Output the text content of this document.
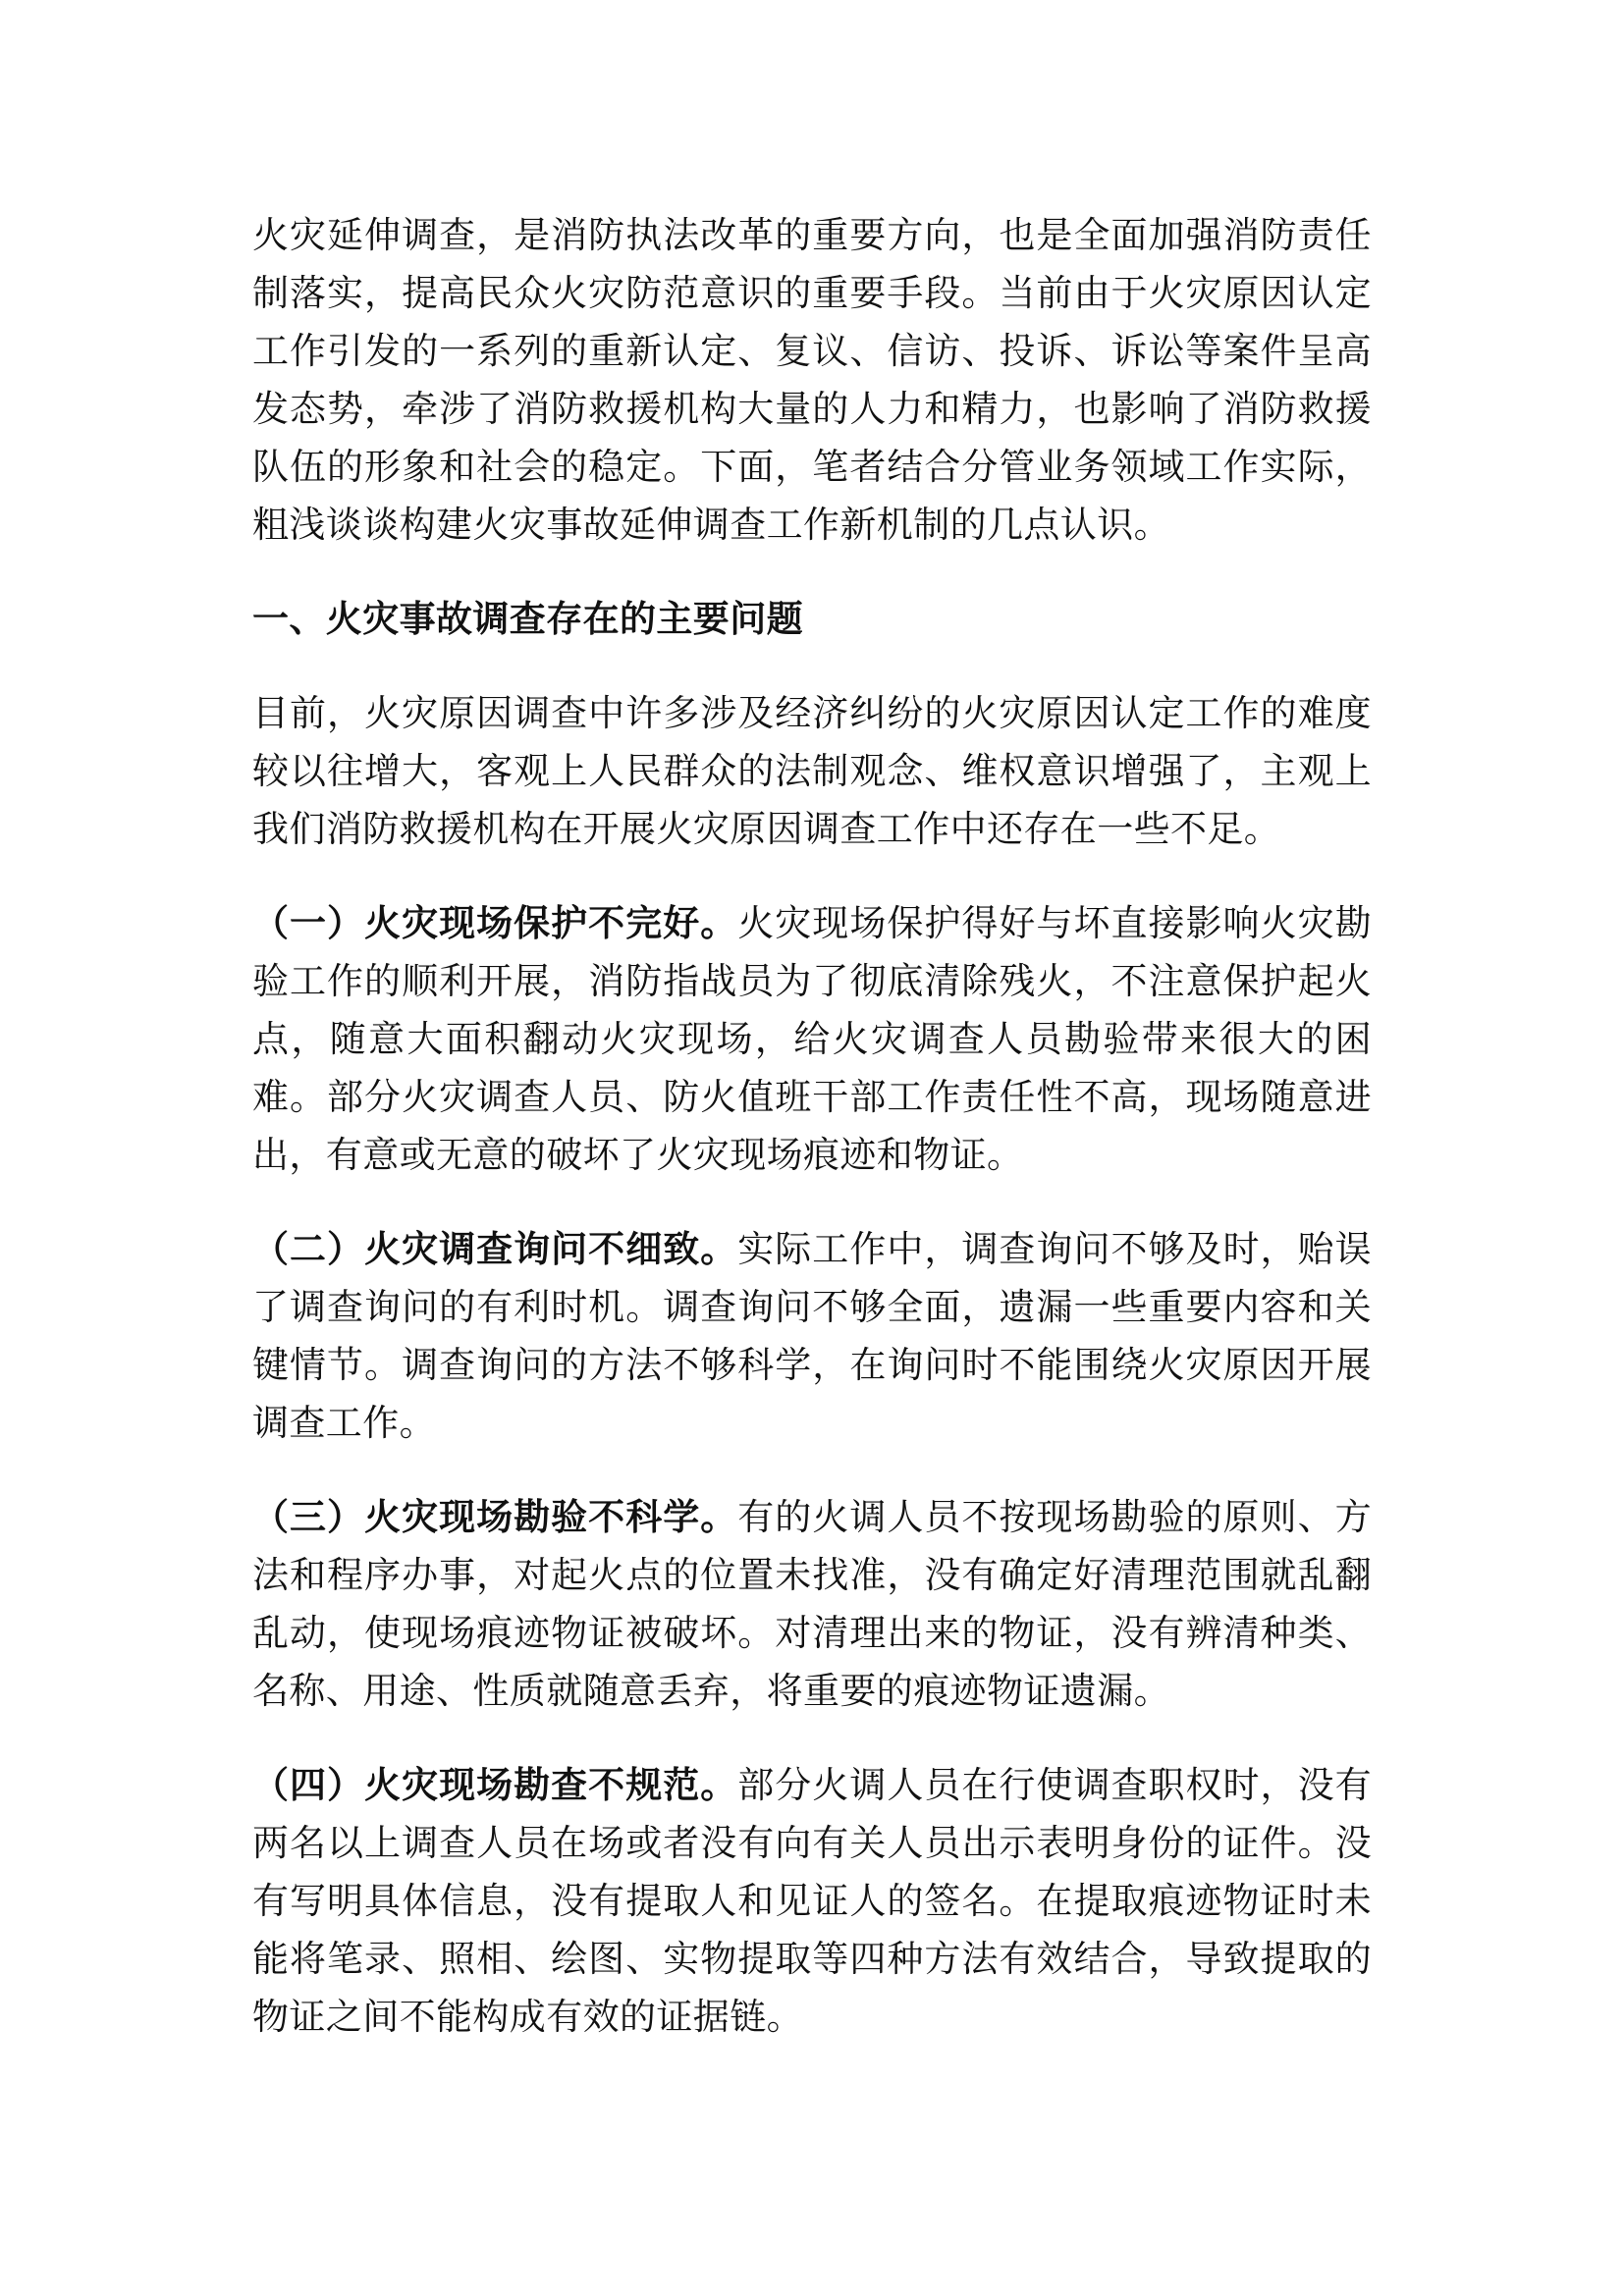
火灾延伸调查，是消防执法改革的重要方向，也是全面加强消防责任制落实，提高民众火灾防范意识的重要手段。当前由于火灾原因认定工作引发的一系列的重新认定、复议、信访、投诉、诉讼等案件呈高发态势，牵涉了消防救援机构大量的人力和精力，也影响了消防救援队伍的形象和社会的稳定。下面，笔者结合分管业务领域工作实际，粗浅谈谈构建火灾事故延伸调查工作新机制的几点认识。

一、火灾事故调查存在的主要问题

目前，火灾原因调查中许多涉及经济纠纷的火灾原因认定工作的难度较以往增大，客观上人民群众的法制观念、维权意识增强了，主观上我们消防救援机构在开展火灾原因调查工作中还存在一些不足。

（一）火灾现场保护不完好。火灾现场保护得好与坏直接影响火灾勘验工作的顺利开展，消防指战员为了彻底清除残火，不注意保护起火点，随意大面积翻动火灾现场，给火灾调查人员勘验带来很大的困难。部分火灾调查人员、防火值班干部工作责任性不高，现场随意进出，有意或无意的破坏了火灾现场痕迹和物证。

（二）火灾调查询问不细致。实际工作中，调查询问不够及时，贻误了调查询问的有利时机。调查询问不够全面，遗漏一些重要内容和关键情节。调查询问的方法不够科学，在询问时不能围绕火灾原因开展调查工作。

（三）火灾现场勘验不科学。有的火调人员不按现场勘验的原则、方法和程序办事，对起火点的位置未找准，没有确定好清理范围就乱翻乱动，使现场痕迹物证被破坏。对清理出来的物证，没有辨清种类、名称、用途、性质就随意丢弃，将重要的痕迹物证遗漏。

（四）火灾现场勘查不规范。部分火调人员在行使调查职权时，没有两名以上调查人员在场或者没有向有关人员出示表明身份的证件。没有写明具体信息，没有提取人和见证人的签名。在提取痕迹物证时未能将笔录、照相、绘图、实物提取等四种方法有效结合，导致提取的物证之间不能构成有效的证据链。
